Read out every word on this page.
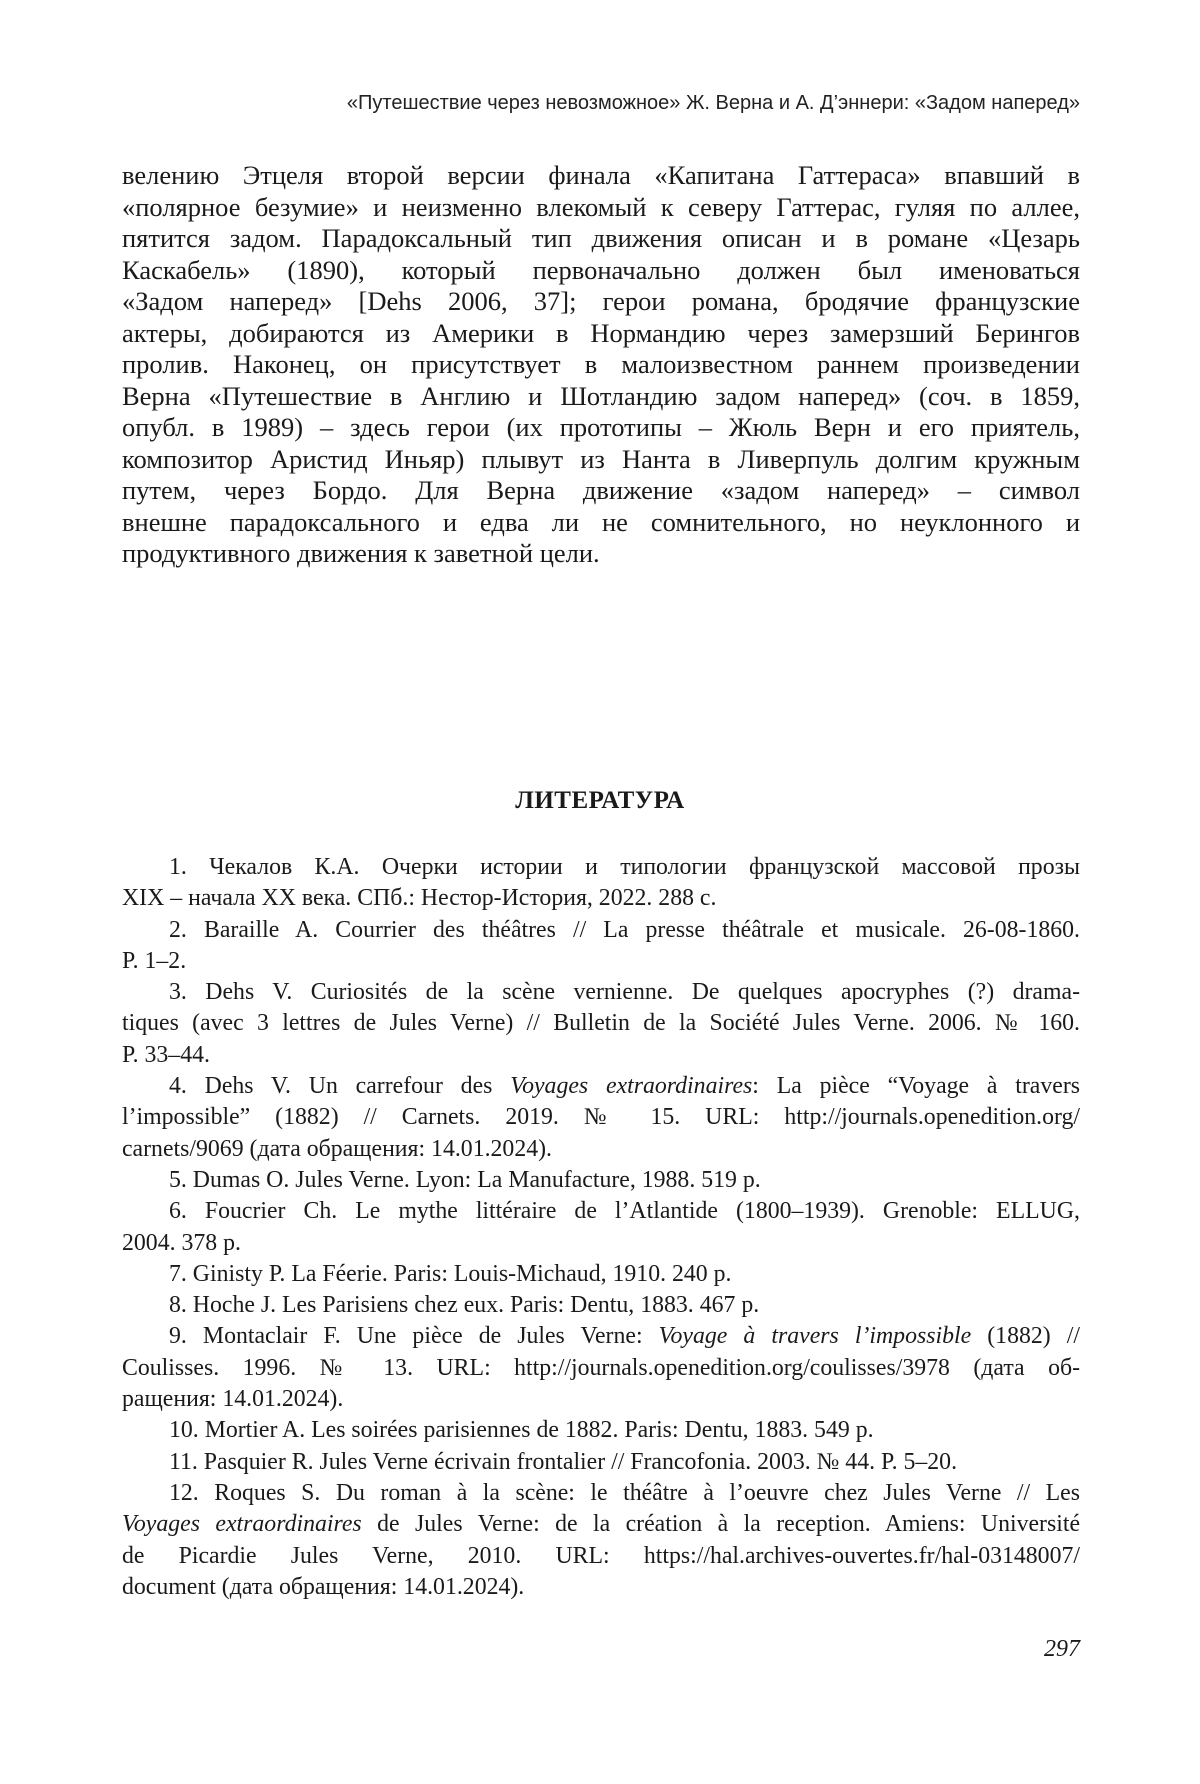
«Путешествие через невозможное» Ж. Верна и А. Д’эннери: «Задом наперед»
велению Этцеля второй версии финала «Капитана Гаттераса» впавший в
«полярное безумие» и неизменно влекомый к северу Гаттерас, гуляя по аллее,
пятится задом. Парадоксальный тип движения описан и в романе «Цезарь
Каскабель» (1890), который первоначально должен был именоваться
«Задом наперед» [Dehs 2006, 37]; герои романа, бродячие французские
актеры, добираются из Америки в Нормандию через замерзший Берингов
пролив. Наконец, он присутствует в малоизвестном раннем произведении
Верна «Путешествие в Англию и Шотландию задом наперед» (соч. в 1859,
опубл. в 1989) – здесь герои (их прототипы – Жюль Верн и его приятель,
композитор Аристид Иньяр) плывут из Нанта в Ливерпуль долгим кружным
путем, через Бордо. Для Верна движение «задом наперед» – символ
внешне парадоксального и едва ли не сомнительного, но неуклонного и
продуктивного движения к заветной цели.
ЛИТЕРАТУРА
1. Чекалов К.А. Очерки истории и типологии французской массовой прозы
XIX – начала XX века. СПб.: Нестор-История, 2022. 288 с.
2. Baraille A. Courrier des théâtres // La presse théâtrale et musicale. 26-08-1860.
P. 1–2.
3. Dehs V. Curiosités de la scène vernienne. De quelques apocryphes (?) drama-
tiques (avec 3 lettres de Jules Verne) // Bulletin de la Société Jules Verne. 2006. № 160.
P. 33–44.
4. Dehs V. Un carrefour des Voyages extraordinaires: La pièce “Voyage à travers
l’impossible” (1882) // Carnets. 2019. № 15. URL: http://journals.openedition.org/
carnets/9069 (дата обращения: 14.01.2024).
5. Dumas O. Jules Verne. Lyon: La Manufacture, 1988. 519 p.
6. Foucrier Ch. Le mythe littéraire de l’Atlantide (1800–1939). Grenoble: ELLUG,
2004. 378 p.
7. Ginisty P. La Féerie. Paris: Louis-Michaud, 1910. 240 p.
8. Hoche J. Les Parisiens chez eux. Paris: Dentu, 1883. 467 p.
9. Montaclair F. Une pièce de Jules Verne: Voyage à travers l’impossible (1882) //
Coulisses. 1996. № 13. URL: http://journals.openedition.org/coulisses/3978 (дата об-
ращения: 14.01.2024).
10. Mortier A. Les soirées parisiennes de 1882. Paris: Dentu, 1883. 549 p.
11. Pasquier R. Jules Verne écrivain frontalier // Francofonia. 2003. № 44. P. 5–20.
12. Roques S. Du roman à la scène: le théâtre à l’oeuvre chez Jules Verne // Les
Voyages extraordinaires de Jules Verne: de la création à la reception. Amiens: Université
de Picardie Jules Verne, 2010. URL: https://hal.archives-ouvertes.fr/hal-03148007/
document (дата обращения: 14.01.2024).
297
